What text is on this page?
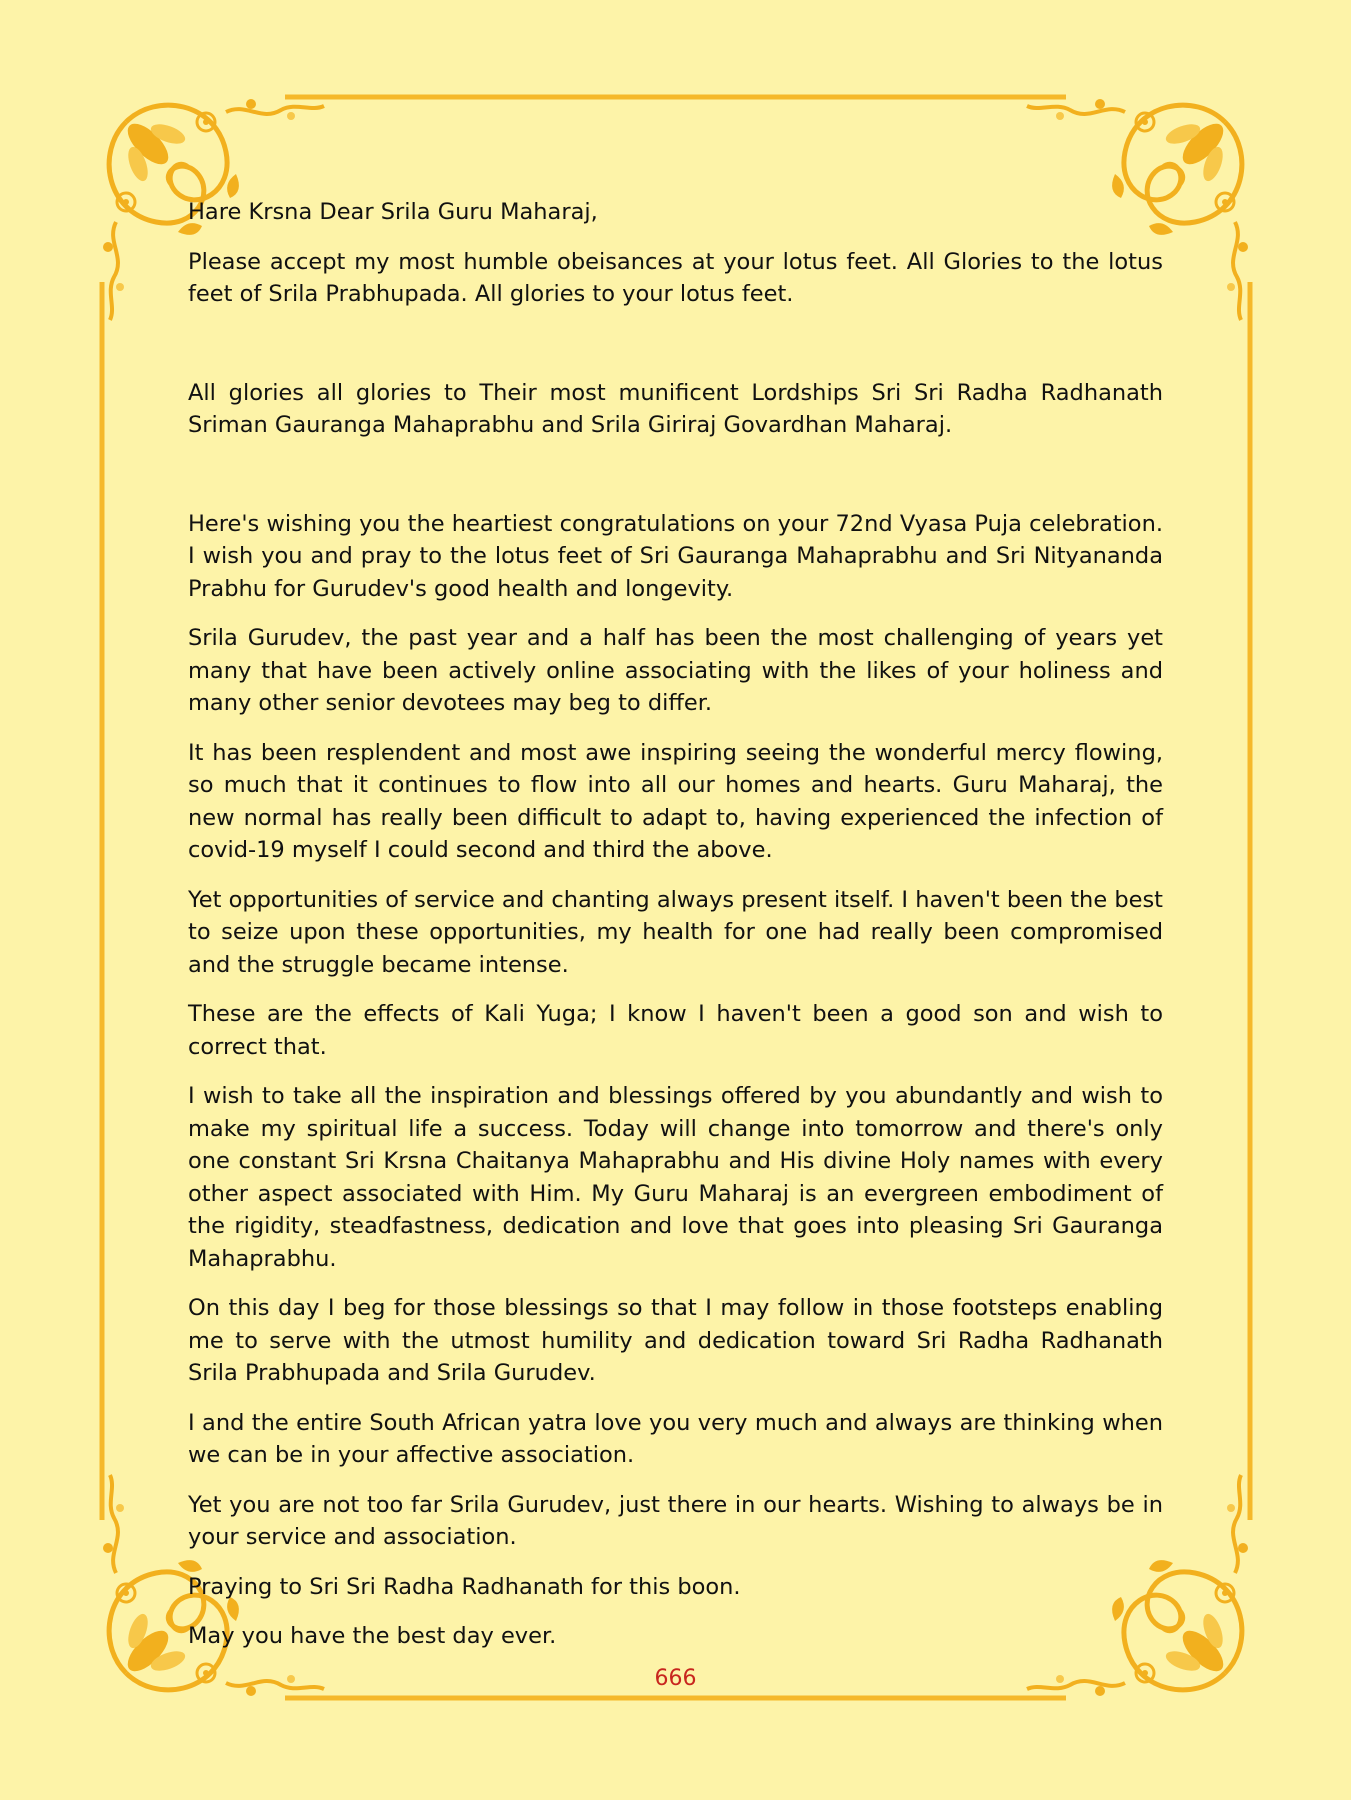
Hare Krsna Dear Srila Guru Maharaj,

Please accept my most humble obeisances at your lotus feet. All Glories to the lotus feet of Srila Prabhupada. All glories to your lotus feet.

All glories all glories to Their most munificent Lordships Sri Sri Radha Radhanath Sriman Gauranga Mahaprabhu and Srila Giriraj Govardhan Maharaj.

Here's wishing you the heartiest congratulations on your 72nd Vyasa Puja celebration. I wish you and pray to the lotus feet of Sri Gauranga Mahaprabhu and Sri Nityananda Prabhu for Gurudev's good health and longevity.

Srila Gurudev, the past year and a half has been the most challenging of years yet many that have been actively online associating with the likes of your holiness and many other senior devotees may beg to differ.

It has been resplendent and most awe inspiring seeing the wonderful mercy flowing, so much that it continues to flow into all our homes and hearts. Guru Maharaj, the new normal has really been difficult to adapt to, having experienced the infection of covid-19 myself I could second and third the above.

Yet opportunities of service and chanting always present itself. I haven't been the best to seize upon these opportunities, my health for one had really been compromised and the struggle became intense.

These are the effects of Kali Yuga; I know I haven't been a good son and wish to correct that.

I wish to take all the inspiration and blessings offered by you abundantly and wish to make my spiritual life a success. Today will change into tomorrow and there's only one constant Sri Krsna Chaitanya Mahaprabhu and His divine Holy names with every other aspect associated with Him. My Guru Maharaj is an evergreen embodiment of the rigidity, steadfastness, dedication and love that goes into pleasing Sri Gauranga Mahaprabhu.

On this day I beg for those blessings so that I may follow in those footsteps enabling me to serve with the utmost humility and dedication toward Sri Radha Radhanath Srila Prabhupada and Srila Gurudev.

I and the entire South African yatra love you very much and always are thinking when we can be in your affective association.

Yet you are not too far Srila Gurudev, just there in our hearts. Wishing to always be in your service and association.

Praying to Sri Sri Radha Radhanath for this boon.

May you have the best day ever.

666
